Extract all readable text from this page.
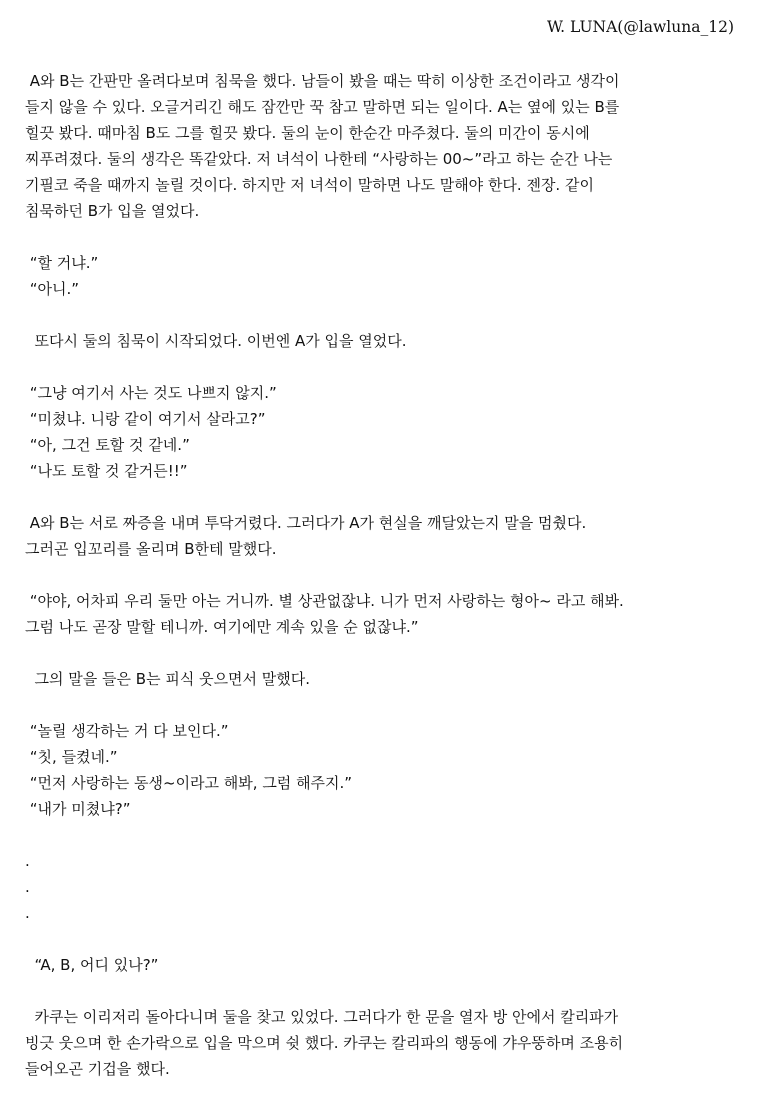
W. LUNA(@lawluna_12)
A와 B는 간판만 올려다보며 침묵을 했다. 남들이 봤을 때는 딱히 이상한 조건이라고 생각이
들지 않을 수 있다. 오글거리긴 해도 잠깐만 꾹 참고 말하면 되는 일이다. A는 옆에 있는 B를
힐끗 봤다. 때마침 B도 그를 힐끗 봤다. 둘의 눈이 한순간 마주쳤다. 둘의 미간이 동시에
찌푸려졌다. 둘의 생각은 똑같았다. 저 녀석이 나한테 “사랑하는 00~”라고 하는 순간 나는
기필코 죽을 때까지 놀릴 것이다. 하지만 저 녀석이 말하면 나도 말해야 한다. 젠장. 같이
침묵하던 B가 입을 열었다.
“할 거냐.”
“아니.”
또다시 둘의 침묵이 시작되었다. 이번엔 A가 입을 열었다.
“그냥 여기서 사는 것도 나쁘지 않지.”
“미쳤냐. 니랑 같이 여기서 살라고?”
“아, 그건 토할 것 같네.”
“나도 토할 것 같거든!!”
A와 B는 서로 짜증을 내며 투닥거렸다. 그러다가 A가 현실을 깨달았는지 말을 멈췄다.
그러곤 입꼬리를 올리며 B한테 말했다.
“야야, 어차피 우리 둘만 아는 거니까. 별 상관없잖냐. 니가 먼저 사랑하는 형아~ 라고 해봐.
그럼 나도 곧장 말할 테니까. 여기에만 계속 있을 순 없잖냐.”
그의 말을 들은 B는 피식 웃으면서 말했다.
“놀릴 생각하는 거 다 보인다.”
“칫, 들켰네.”
“먼저 사랑하는 동생~이라고 해봐, 그럼 해주지.”
“내가 미쳤냐?”
.
.
.
“A, B, 어디 있나?”
카쿠는 이리저리 돌아다니며 둘을 찾고 있었다. 그러다가 한 문을 열자 방 안에서 칼리파가
빙긋 웃으며 한 손가락으로 입을 막으며 쉿 했다. 카쿠는 칼리파의 행동에 갸우뚱하며 조용히
들어오곤 기겁을 했다.
